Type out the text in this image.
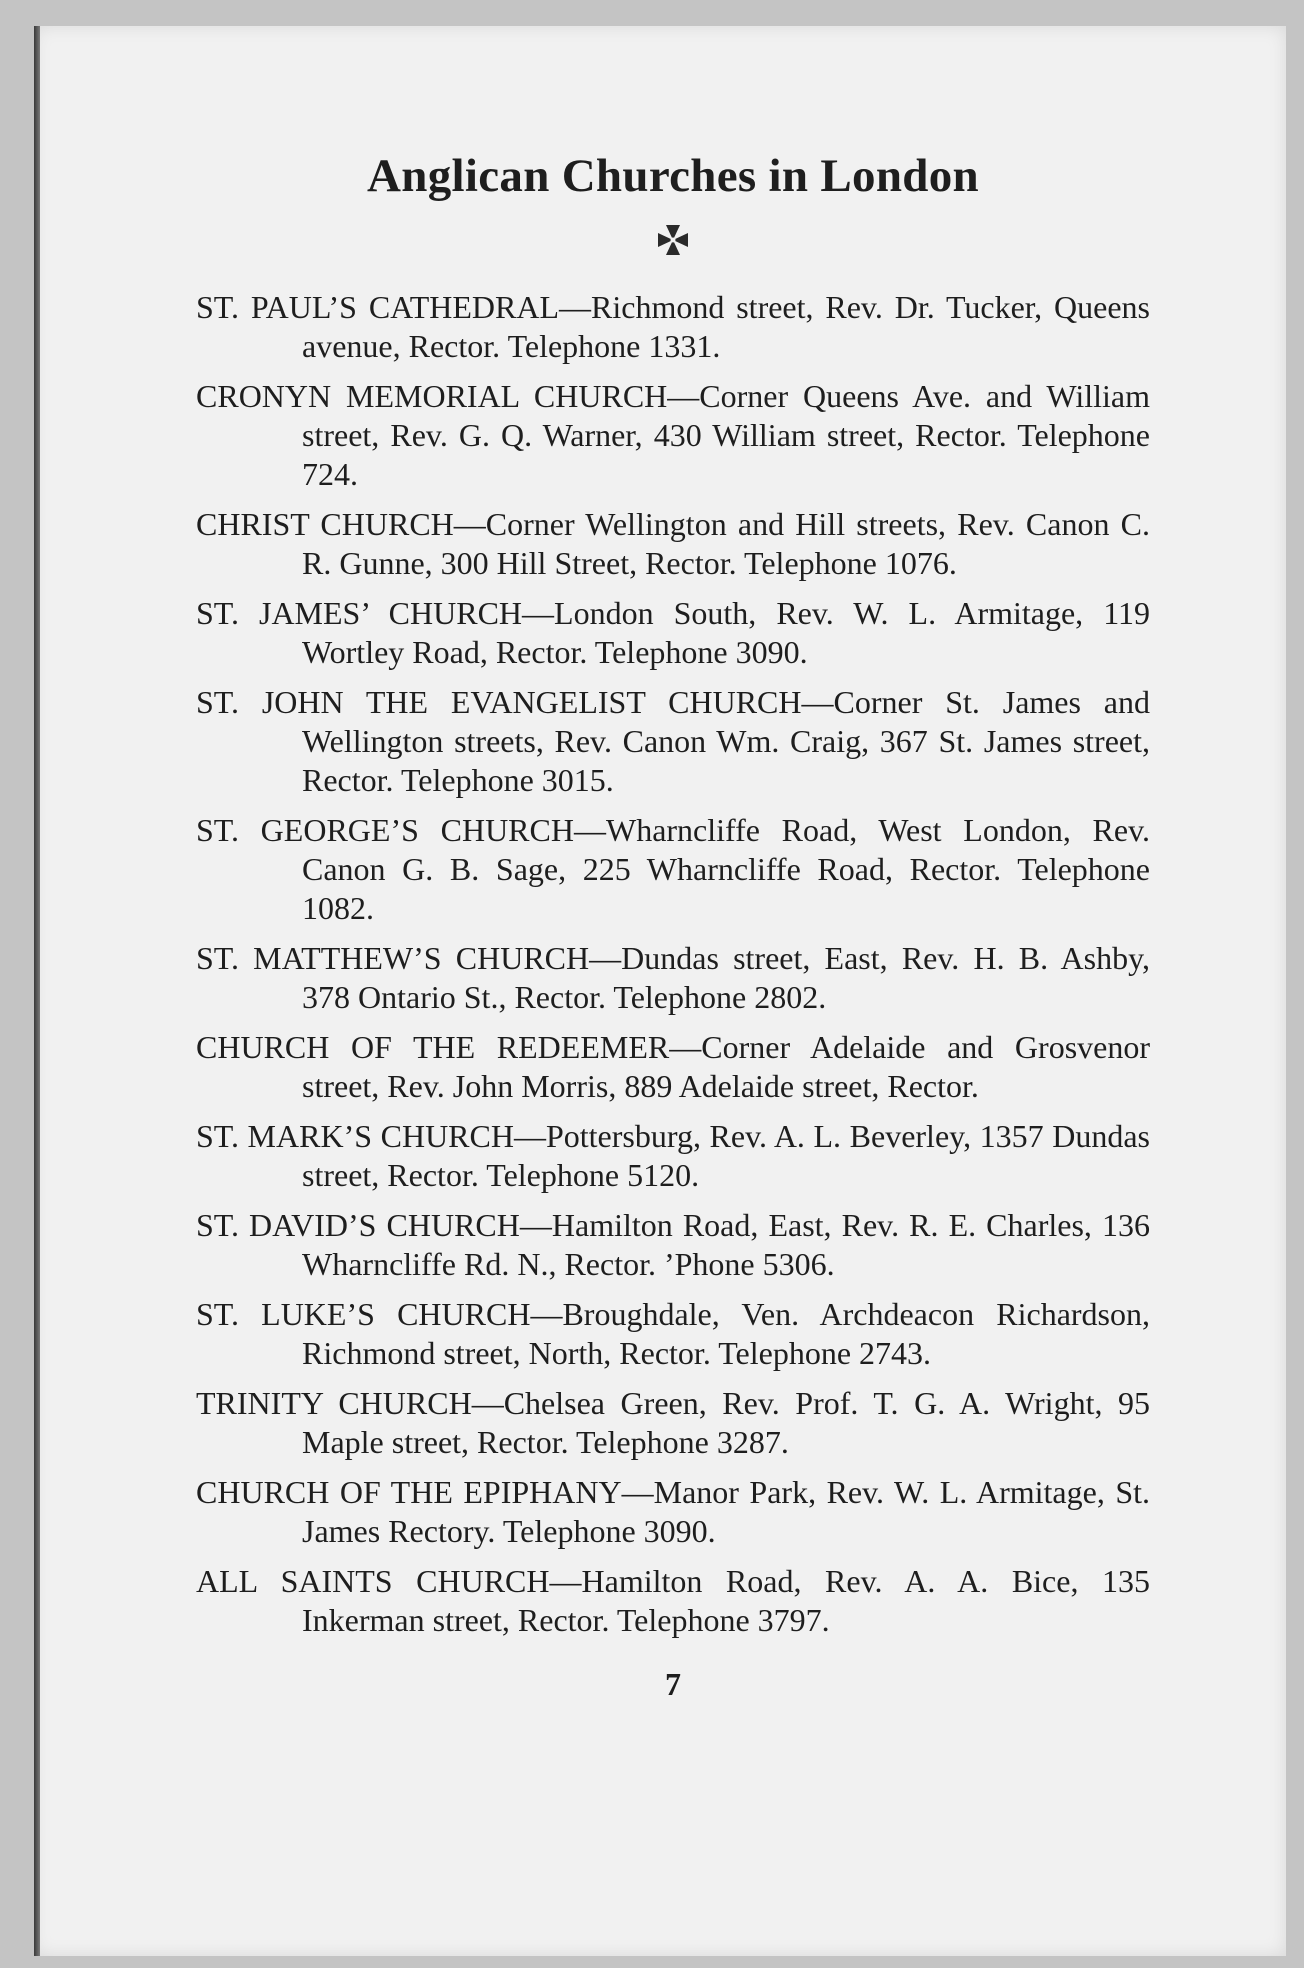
Anglican Churches in London

ST. PAUL’S CATHEDRAL—Richmond street, Rev. Dr. Tucker, Queens avenue, Rector. Telephone 1331.

CRONYN MEMORIAL CHURCH—Corner Queens Ave. and William street, Rev. G. Q. Warner, 430 William street, Rector. Telephone 724.

CHRIST CHURCH—Corner Wellington and Hill streets, Rev. Canon C. R. Gunne, 300 Hill Street, Rector. Telephone 1076.

ST. JAMES’ CHURCH—London South, Rev. W. L. Armitage, 119 Wortley Road, Rector. Telephone 3090.

ST. JOHN THE EVANGELIST CHURCH—Corner St. James and Wellington streets, Rev. Canon Wm. Craig, 367 St. James street, Rector. Telephone 3015.

ST. GEORGE’S CHURCH—Wharncliffe Road, West London, Rev. Canon G. B. Sage, 225 Wharncliffe Road, Rector. Telephone 1082.

ST. MATTHEW’S CHURCH—Dundas street, East, Rev. H. B. Ashby, 378 Ontario St., Rector. Telephone 2802.

CHURCH OF THE REDEEMER—Corner Adelaide and Grosvenor street, Rev. John Morris, 889 Adelaide street, Rector.

ST. MARK’S CHURCH—Pottersburg, Rev. A. L. Beverley, 1357 Dundas street, Rector. Telephone 5120.

ST. DAVID’S CHURCH—Hamilton Road, East, Rev. R. E. Charles, 136 Wharncliffe Rd. N., Rector. ’Phone 5306.

ST. LUKE’S CHURCH—Broughdale, Ven. Archdeacon Richardson, Richmond street, North, Rector. Telephone 2743.

TRINITY CHURCH—Chelsea Green, Rev. Prof. T. G. A. Wright, 95 Maple street, Rector. Telephone 3287.

CHURCH OF THE EPIPHANY—Manor Park, Rev. W. L. Armitage, St. James Rectory. Telephone 3090.

ALL SAINTS CHURCH—Hamilton Road, Rev. A. A. Bice, 135 Inkerman street, Rector. Telephone 3797.

7
